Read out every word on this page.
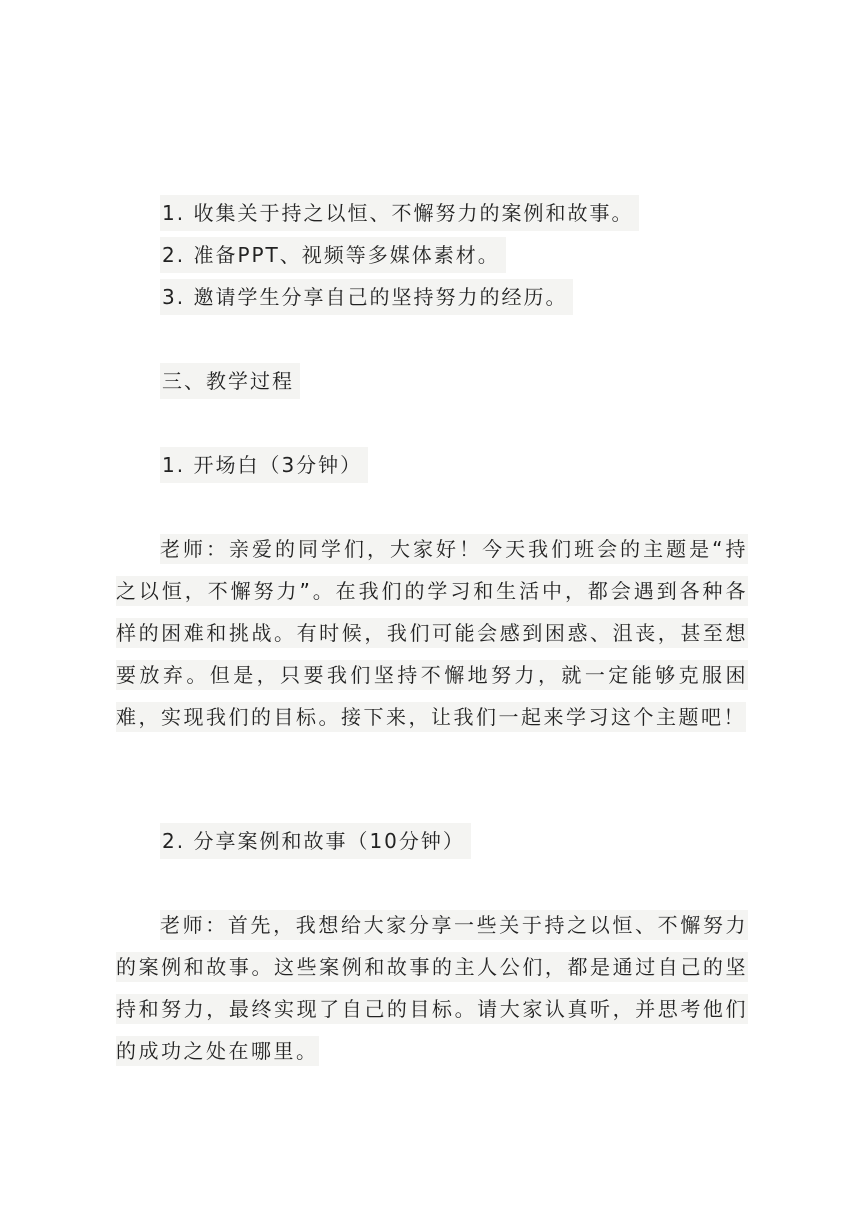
1. 收集关于持之以恒、不懈努力的案例和故事。
2. 准备PPT、视频等多媒体素材。
3. 邀请学生分享自己的坚持努力的经历。
三、教学过程
1. 开场白（3分钟）

老师：亲爱的同学们，大家好！今天我们班会的主题是“持之以恒，不懈努力”。在我们的学习和生活中，都会遇到各种各样的困难和挑战。有时候，我们可能会感到困惑、沮丧，甚至想要放弃。但是，只要我们坚持不懈地努力，就一定能够克服困难，实现我们的目标。接下来，让我们一起来学习这个主题吧！

2. 分享案例和故事（10分钟）

老师：首先，我想给大家分享一些关于持之以恒、不懈努力的案例和故事。这些案例和故事的主人公们，都是通过自己的坚持和努力，最终实现了自己的目标。请大家认真听，并思考他们的成功之处在哪里。
